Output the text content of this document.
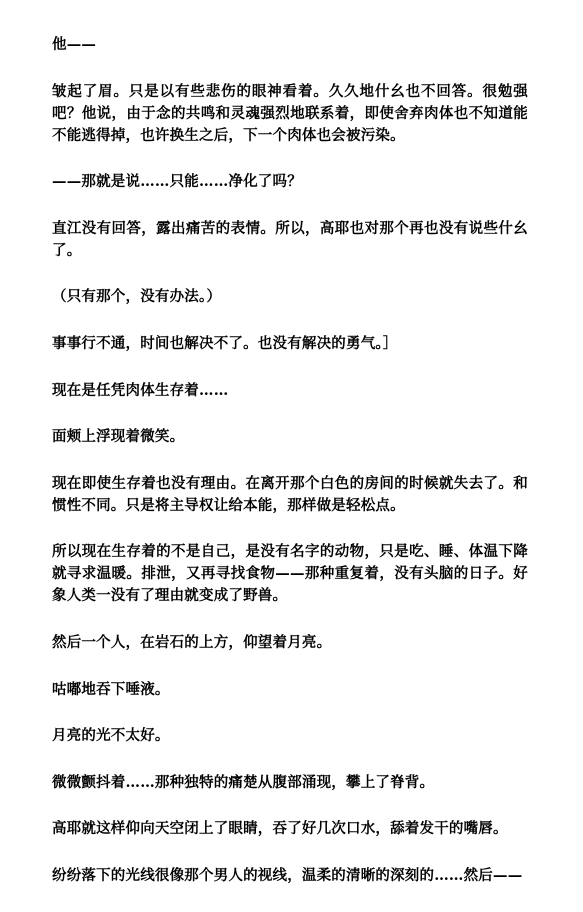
他——

皱起了眉。只是以有些悲伤的眼神看着。久久地什幺也不回答。很勉强吧？他说，由于念的共鸣和灵魂强烈地联系着，即使舍弃肉体也不知道能不能逃得掉，也许换生之后，下一个肉体也会被污染。

——那就是说……只能……净化了吗？

直江没有回答，露出痛苦的表情。所以，高耶也对那个再也没有说些什幺了。

（只有那个，没有办法。）

事事行不通，时间也解决不了。也没有解决的勇气。］

现在是任凭肉体生存着……

面颊上浮现着微笑。

现在即使生存着也没有理由。在离开那个白色的房间的时候就失去了。和惯性不同。只是将主导权让给本能，那样做是轻松点。

所以现在生存着的不是自己，是没有名字的动物，只是吃、睡、体温下降就寻求温暖。排泄，又再寻找食物——那种重复着，没有头脑的日子。好象人类一没有了理由就变成了野兽。

然后一个人，在岩石的上方，仰望着月亮。

咕嘟地吞下唾液。

月亮的光不太好。

微微颤抖着……那种独特的痛楚从腹部涌现，攀上了脊背。

高耶就这样仰向天空闭上了眼睛，吞了好几次口水，舔着发干的嘴唇。

纷纷落下的光线很像那个男人的视线，温柔的清晰的深刻的……然后——
